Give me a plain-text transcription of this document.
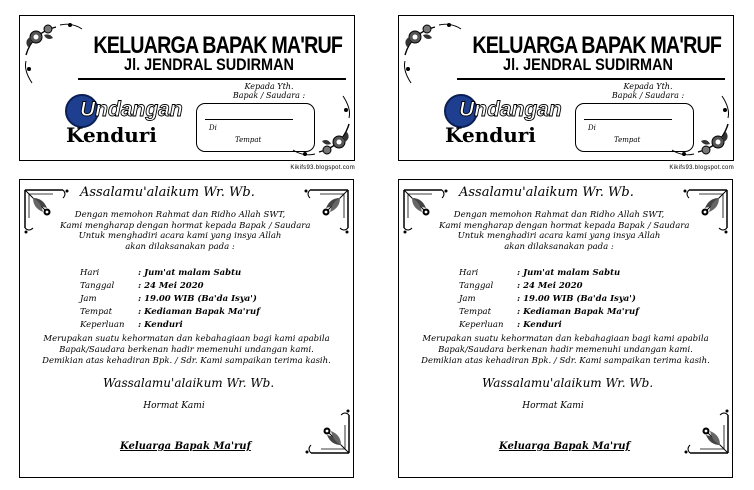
KELUARGA BAPAK MA'RUF
Jl. JENDRAL SUDIRMAN
Undangan
Kenduri
Kepada Yth.
Bapak / Saudara :
Di
Tempat
Kikifs93.blogspot.com
Assalamu'alaikum Wr. Wb.
Dengan memohon Rahmat dan Ridho Allah SWT,
Kami mengharap dengan hormat kepada Bapak / Saudara
Untuk menghadiri acara kami yang insya Allah
akan dilaksanakan pada :
Hari	: Jum'at malam Sabtu
Tanggal	: 24 Mei 2020
Jam	: 19.00 WIB (Ba'da Isya')
Tempat	: Kediaman Bapak Ma'ruf
Keperluan : Kenduri
Merupakan suatu kehormatan dan kebahagiaan bagi kami apabila
Bapak/Saudara berkenan hadir memenuhi undangan kami.
Demikian atas kehadiran Bpk. / Sdr. Kami sampaikan terima kasih.
Wassalamu'alaikum Wr. Wb.
Hormat Kami
Keluarga Bapak Ma'ruf
KELUARGA BAPAK MA'RUF
Jl. JENDRAL SUDIRMAN
Undangan
Kenduri
Kepada Yth.
Bapak / Saudara :
Di
Tempat
Kikifs93.blogspot.com
Assalamu'alaikum Wr. Wb.
Dengan memohon Rahmat dan Ridho Allah SWT,
Kami mengharap dengan hormat kepada Bapak / Saudara
Untuk menghadiri acara kami yang insya Allah
akan dilaksanakan pada :
Hari	: Jum'at malam Sabtu
Tanggal	: 24 Mei 2020
Jam	: 19.00 WIB (Ba'da Isya')
Tempat	: Kediaman Bapak Ma'ruf
Keperluan : Kenduri
Merupakan suatu kehormatan dan kebahagiaan bagi kami apabila
Bapak/Saudara berkenan hadir memenuhi undangan kami.
Demikian atas kehadiran Bpk. / Sdr. Kami sampaikan terima kasih.
Wassalamu'alaikum Wr. Wb.
Hormat Kami
Keluarga Bapak Ma'ruf
